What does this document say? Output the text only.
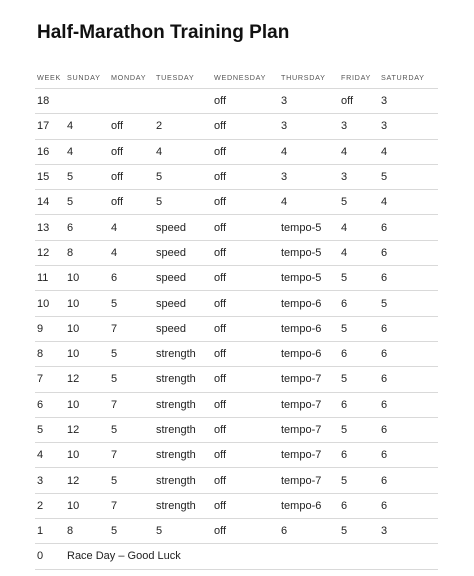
Half-Marathon Training Plan
WEEK	SUNDAY	MONDAY	TUESDAY	WEDNESDAY	THURSDAY	FRIDAY	SATURDAY
18				off	3	off	3
17	4	off	2	off	3	3	3
16	4	off	4	off	4	4	4
15	5	off	5	off	3	3	5
14	5	off	5	off	4	5	4
13	6	4	speed	off	tempo-5	4	6
12	8	4	speed	off	tempo-5	4	6
11	10	6	speed	off	tempo-5	5	6
10	10	5	speed	off	tempo-6	6	5
9	10	7	speed	off	tempo-6	5	6
8	10	5	strength	off	tempo-6	6	6
7	12	5	strength	off	tempo-7	5	6
6	10	7	strength	off	tempo-7	6	6
5	12	5	strength	off	tempo-7	5	6
4	10	7	strength	off	tempo-7	6	6
3	12	5	strength	off	tempo-7	5	6
2	10	7	strength	off	tempo-6	6	6
1	8	5	5	off	6	5	3
0	Race Day – Good Luck						
